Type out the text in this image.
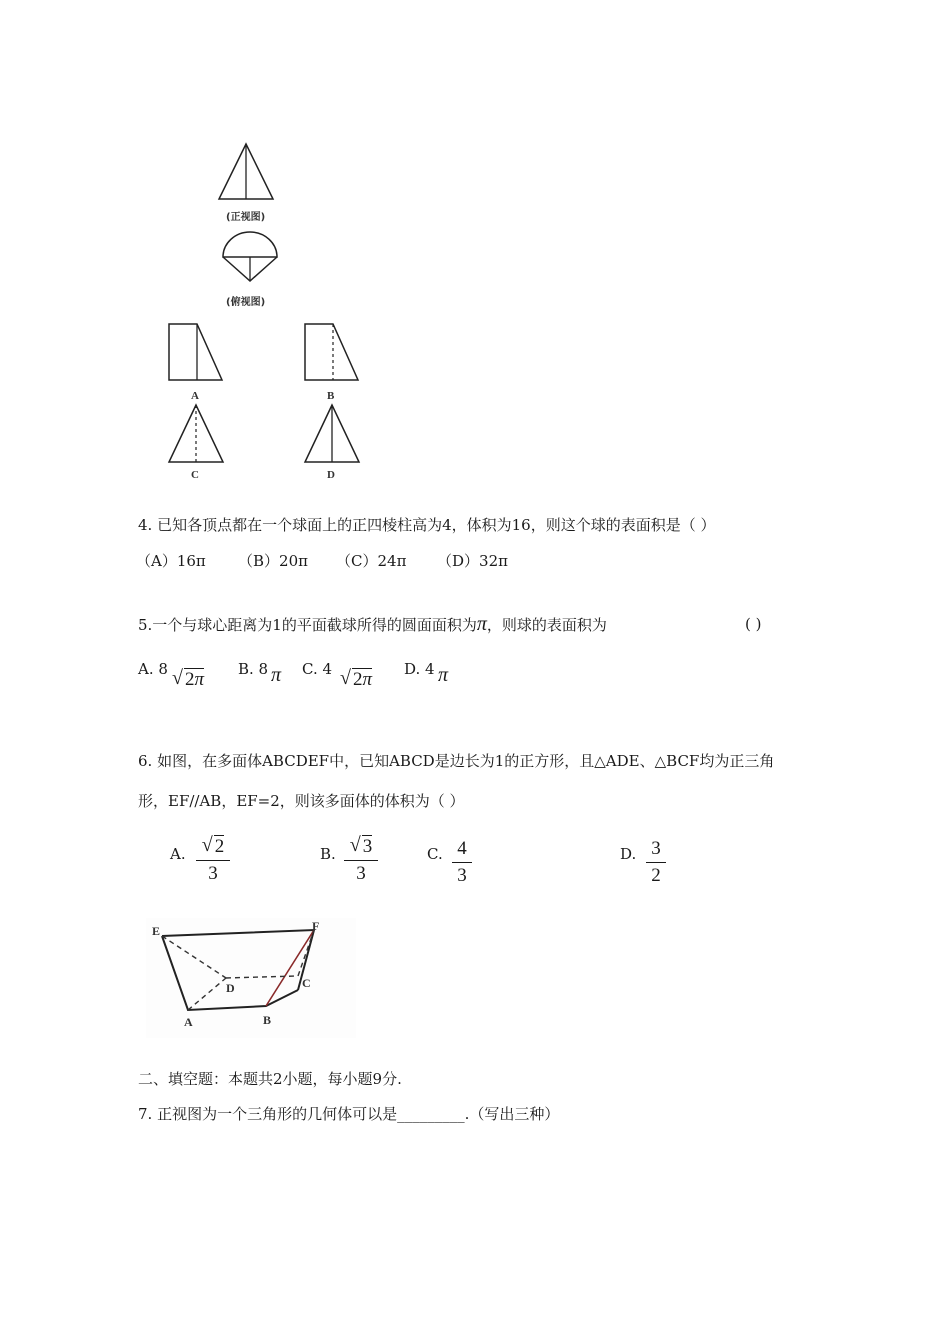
(正视图)
(俯视图)
A	B
C	D
4. 已知各顶点都在一个球面上的正四棱柱高为4，体积为16，则这个球的表面积是（ ）
（A）16π （B）20π （C）24π （D）32π
5.一个与球心距离为1的平面截球所得的圆面面积为π，则球的表面积为	( )
A. 8 √ 2π B. 8 π C. 4 √ 2π D. 4 π
6. 如图，在多面体ABCDEF中，已知ABCD是边长为1的正方形，且△ADE、△BCF均为正三角
形，EF//AB，EF=2，则该多面体的体积为（ ）
A. $\frac{√ 2}{3}$	B. $\frac{√ 3}{3}$	C. $\frac{4}{3}$	D. $\frac{3}{2}$
E	F
D	C
A	B
二、填空题：本题共2小题，每小题9分.
7. 正视图为一个三角形的几何体可以是_________.（写出三种）
